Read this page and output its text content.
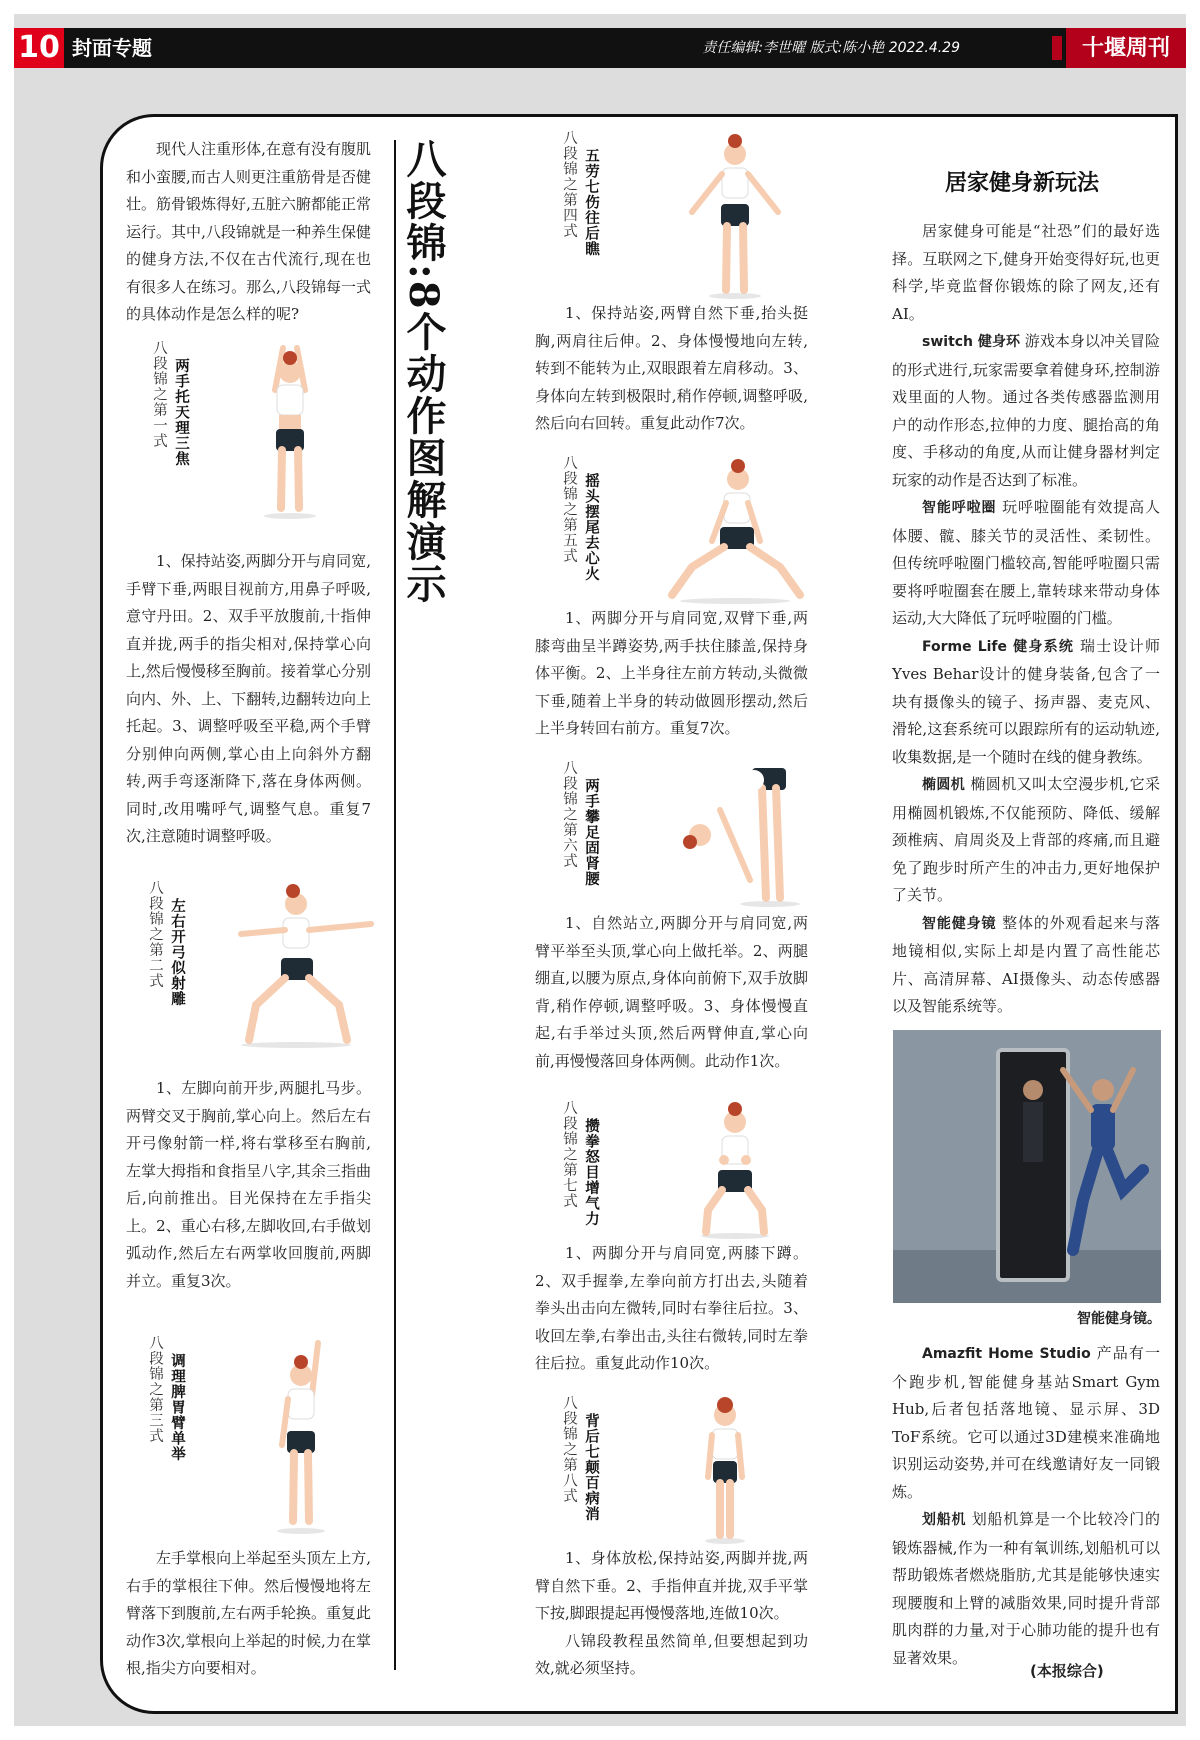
10 封面专题	责任编辑:李世曜 版式:陈小艳 2022.4.29	十堰周刊

现代人注重形体,在意有没有腹肌和小蛮腰,而古人则更注重筋骨是否健壮。筋骨锻炼得好,五脏六腑都能正常运行。其中,八段锦就是一种养生保健的健身方法,不仅在古代流行,现在也有很多人在练习。那么,八段锦每一式的具体动作是怎么样的呢?

八段锦之第一式 两手托天理三焦

1、保持站姿,两脚分开与肩同宽,手臂下垂,两眼目视前方,用鼻子呼吸,意守丹田。2、双手平放腹前,十指伸直并拢,两手的指尖相对,保持掌心向上,然后慢慢移至胸前。接着掌心分别向内、外、上、下翻转,边翻转边向上托起。3、调整呼吸至平稳,两个手臂分别伸向两侧,掌心由上向斜外方翻转,两手弯逐渐降下,落在身体两侧。同时,改用嘴呼气,调整气息。重复7次,注意随时调整呼吸。

八段锦之第二式 左右开弓似射雕

1、左脚向前开步,两腿扎马步。两臂交叉于胸前,掌心向上。然后左右开弓像射箭一样,将右掌移至右胸前,左掌大拇指和食指呈八字,其余三指曲后,向前推出。目光保持在左手指尖上。2、重心右移,左脚收回,右手做划弧动作,然后左右两掌收回腹前,两脚并立。重复3次。

八段锦之第三式 调理脾胃臂单举

左手掌根向上举起至头顶左上方,右手的掌根往下伸。然后慢慢地将左臂落下到腹前,左右两手轮换。重复此动作3次,掌根向上举起的时候,力在掌根,指尖方向要相对。

八段锦:8个动作图解演示	八段锦之第四式 五劳七伤往后瞧

1、保持站姿,两臂自然下垂,抬头挺胸,两肩往后伸。2、身体慢慢地向左转,转到不能转为止,双眼跟着左肩移动。3、身体向左转到极限时,稍作停顿,调整呼吸,然后向右回转。重复此动作7次。

八段锦之第五式 摇头摆尾去心火

1、两脚分开与肩同宽,双臂下垂,两膝弯曲呈半蹲姿势,两手扶住膝盖,保持身体平衡。2、上半身往左前方转动,头微微下垂,随着上半身的转动做圆形摆动,然后上半身转回右前方。重复7次。

八段锦之第六式 两手攀足固肾腰

1、自然站立,两脚分开与肩同宽,两臂平举至头顶,掌心向上做托举。2、两腿绷直,以腰为原点,身体向前俯下,双手放脚背,稍作停顿,调整呼吸。3、身体慢慢直起,右手举过头顶,然后两臂伸直,掌心向前,再慢慢落回身体两侧。此动作1次。

八段锦之第七式 攒拳怒目增气力

1、两脚分开与肩同宽,两膝下蹲。2、双手握拳,左拳向前方打出去,头随着拳头出击向左微转,同时右拳往后拉。3、收回左拳,右拳出击,头往右微转,同时左拳往后拉。重复此动作10次。

八段锦之第八式 背后七颠百病消

1、身体放松,保持站姿,两脚并拢,两臂自然下垂。2、手指伸直并拢,双手平掌下按,脚跟提起再慢慢落地,连做10次。

八锦段教程虽然简单,但要想起到功效,就必须坚持。

居家健身新玩法

居家健身可能是“社恐”们的最好选择。互联网之下,健身开始变得好玩,也更科学,毕竟监督你锻炼的除了网友,还有AI。

switch 健身环 游戏本身以冲关冒险的形式进行,玩家需要拿着健身环,控制游戏里面的人物。通过各类传感器监测用户的动作形态,拉伸的力度、腿抬高的角度、手移动的角度,从而让健身器材判定玩家的动作是否达到了标准。

智能呼啦圈 玩呼啦圈能有效提高人体腰、髋、膝关节的灵活性、柔韧性。但传统呼啦圈门槛较高,智能呼啦圈只需要将呼啦圈套在腰上,靠转球来带动身体运动,大大降低了玩呼啦圈的门槛。

Forme Life 健身系统 瑞士设计师Yves Behar设计的健身装备,包含了一块有摄像头的镜子、扬声器、麦克风、滑轮,这套系统可以跟踪所有的运动轨迹,收集数据,是一个随时在线的健身教练。

椭圆机 椭圆机又叫太空漫步机,它采用椭圆机锻炼,不仅能预防、降低、缓解颈椎病、肩周炎及上背部的疼痛,而且避免了跑步时所产生的冲击力,更好地保护了关节。

智能健身镜 整体的外观看起来与落地镜相似,实际上却是内置了高性能芯片、高清屏幕、AI摄像头、动态传感器以及智能系统等。

智能健身镜。

Amazfit Home Studio 产品有一个跑步机,智能健身基站Smart Gym Hub,后者包括落地镜、显示屏、3D ToF系统。它可以通过3D建模来准确地识别运动姿势,并可在线邀请好友一同锻炼。

划船机 划船机算是一个比较冷门的锻炼器械,作为一种有氧训练,划船机可以帮助锻炼者燃烧脂肪,尤其是能够快速实现腰腹和上臂的减脂效果,同时提升背部肌肉群的力量,对于心肺功能的提升也有显著效果。

(本报综合)
